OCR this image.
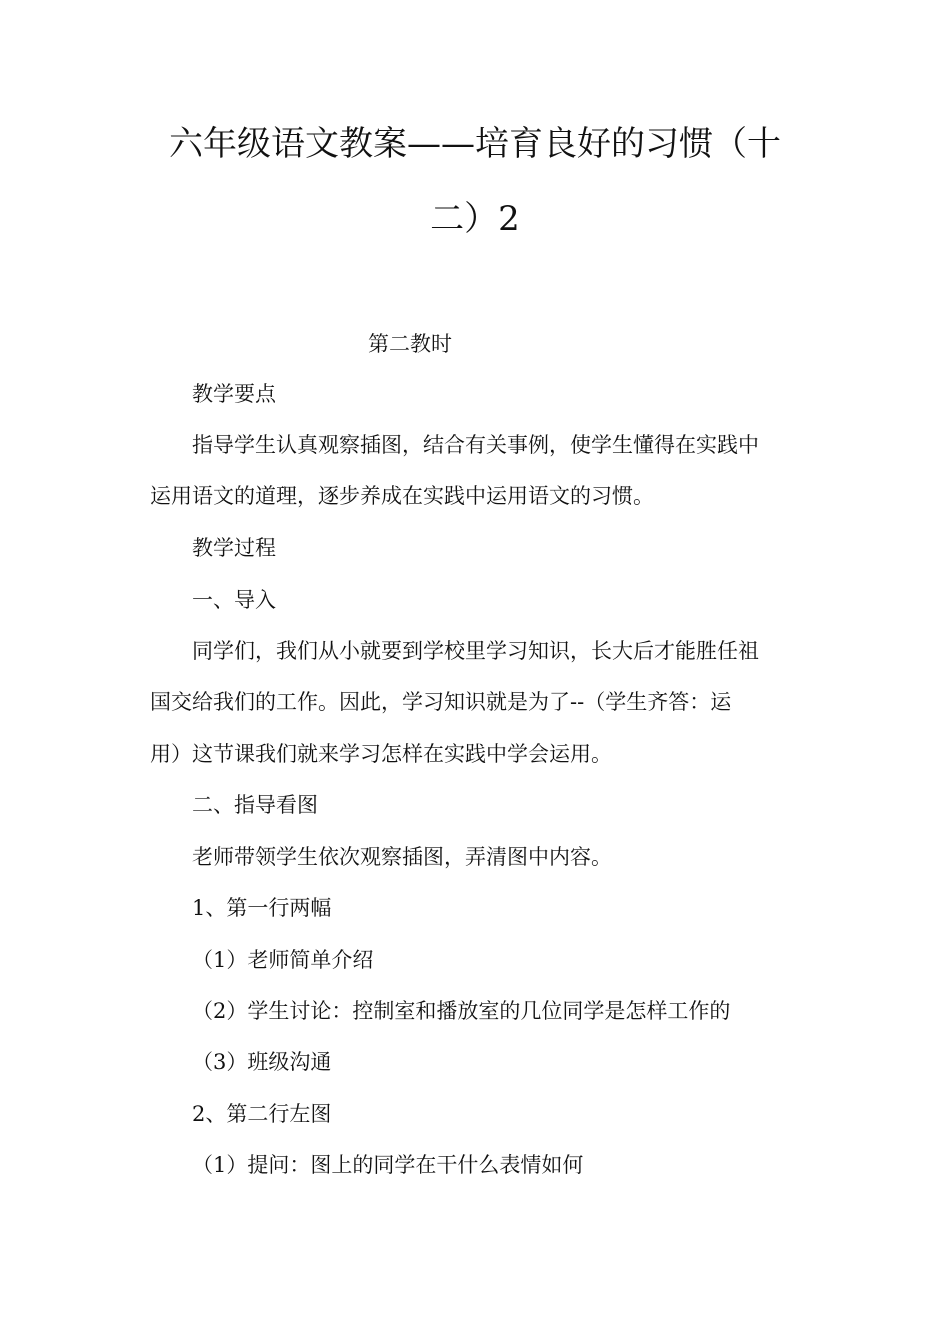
六年级语文教案——培育良好的习惯（十
二）2
第二教时
教学要点
指导学生认真观察插图，结合有关事例，使学生懂得在实践中
运用语文的道理，逐步养成在实践中运用语文的习惯。
教学过程
一、导入
同学们，我们从小就要到学校里学习知识，长大后才能胜任祖
国交给我们的工作。因此，学习知识就是为了--（学生齐答：运
用）这节课我们就来学习怎样在实践中学会运用。
二、指导看图
老师带领学生依次观察插图，弄清图中内容。
1、第一行两幅
（1）老师简单介绍
（2）学生讨论：控制室和播放室的几位同学是怎样工作的
（3）班级沟通
2、第二行左图
（1）提问：图上的同学在干什么表情如何
